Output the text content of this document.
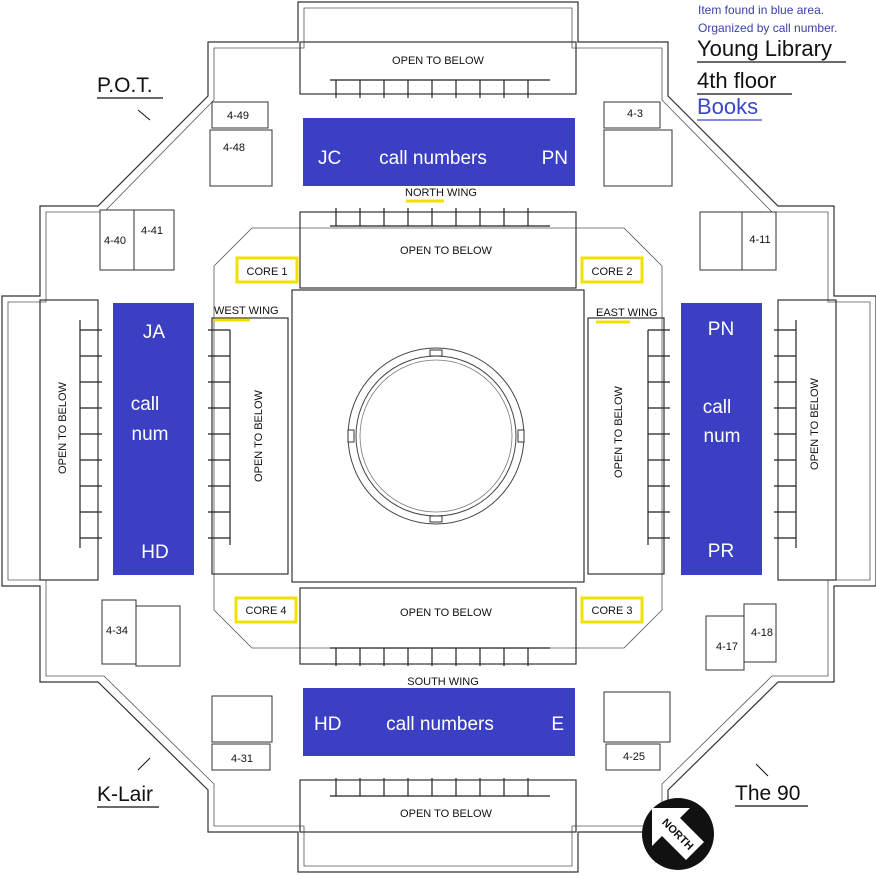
OPEN TO BELOW
OPEN TO BELOW
OPEN TO BELOW
OPEN TO BELOW
OPEN TO BELOW	OPEN TO BELOW	OPEN TO BELOW	OPEN TO BELOW
4-49
4-48
4-3
4-40
4-41
4-11
4-34
4-17
4-18
4-31	4-25
CORE 1	CORE 2
CORE 4	CORE 3
NORTH WING
SOUTH WING
WEST WING	EAST WING
JC call numbers	PN
HD call numbers	E
JA
call
num
HD
PN
call
num
PR
Item found in blue area.
Organized by call number.
Young Library
4th floor
Books
P.O.T.
K-Lair	The 90
NORTH
